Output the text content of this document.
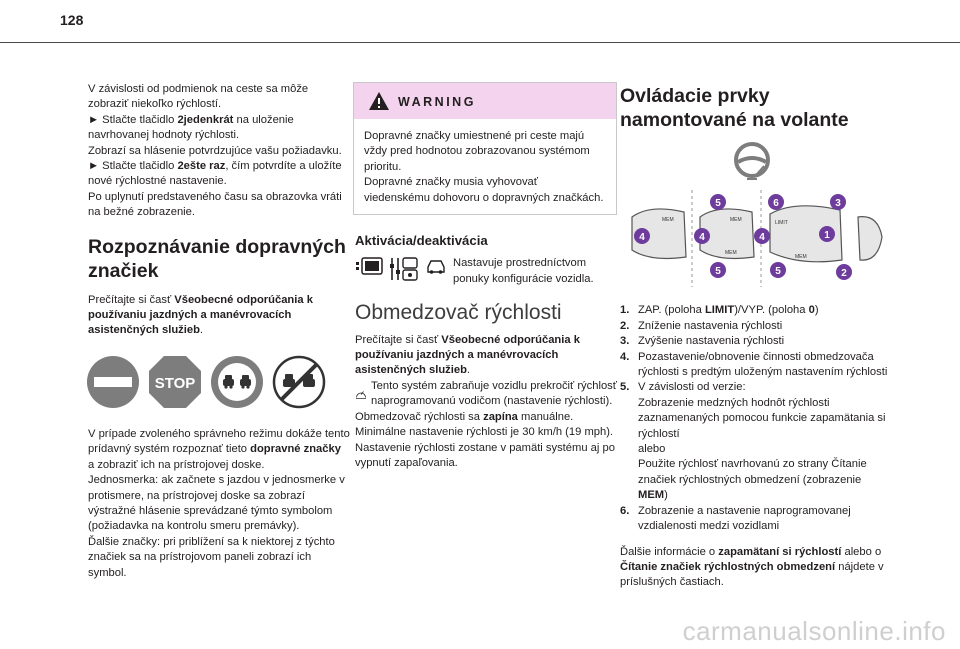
128

V závislosti od podmienok na ceste sa môže zobraziť niekoľko rýchlostí.

► Stlačte tlačidlo 2jedenkrát na uloženie navrhovanej hodnoty rýchlosti.

Zobrazí sa hlásenie potvrdzujúce vašu požiadavku.

► Stlačte tlačidlo 2ešte raz, čím potvrdíte a uložíte nové rýchlostné nastavenie.

Po uplynutí predstaveného času sa obrazovka vráti na bežné zobrazenie.

Rozpoznávanie dopravných značiek

Prečítajte si časť Všeobecné odporúčania k používaniu jazdných a manévrovacích asistenčných služieb.

STOP

V prípade zvoleného správneho režimu dokáže tento prídavný systém rozpoznať tieto dopravné značky a zobraziť ich na prístrojovej doske.

Jednosmerka: ak začnete s jazdou v jednosmerke v protismere, na prístrojovej doske sa zobrazí výstražné hlásenie sprevádzané týmto symbolom (požiadavka na kontrolu smeru premávky).

Ďalšie značky: pri priblížení sa k niektorej z týchto značiek sa na prístrojovom paneli zobrazí ich symbol.

WARNING

Dopravné značky umiestnené pri ceste majú vždy pred hodnotou zobrazovanou systémom prioritu.

Dopravné značky musia vyhovovať viedenskému dohovoru o dopravných značkách.

Aktivácia/deaktivácia
Nastavuje prostredníctvom ponuky konfigurácie vozidla.
Obmedzovač rýchlosti

Prečítajte si časť Všeobecné odporúčania k používaniu jazdných a manévrovacích asistenčných služieb.

Tento systém zabraňuje vozidlu prekročiť rýchlosť naprogramovanú vodičom (nastavenie rýchlosti).

Obmedzovač rýchlosti sa zapína manuálne.

Minimálne nastavenie rýchlosti je 30 km/h (19 mph).

Nastavenie rýchlosti zostane v pamäti systému aj po vypnutí zapaľovania.

Ovládacie prvky namontované na volante
MEM	MEM
MEM
LIMIT
MEM
4
5
4
5
6
4
3
1
5	2
1. ZAP. (poloha LIMIT)/VYP. (poloha 0)
2. Zníženie nastavenia rýchlosti
3. Zvýšenie nastavenia rýchlosti
4. Pozastavenie/obnovenie činnosti obmedzovača rýchlosti s predtým uloženým nastavením rýchlosti
5. V závislosti od verzie:
Zobrazenie medzných hodnôt rýchlosti zaznamenaných pomocou funkcie zapamätania si rýchlostí
alebo
Použite rýchlosť navrhovanú zo strany Čítanie značiek rýchlostných obmedzení (zobrazenie MEM)
6. Zobrazenie a nastavenie naprogramovanej vzdialenosti medzi vozidlami

Ďalšie informácie o zapamätaní si rýchlostí alebo o Čítanie značiek rýchlostných obmedzení nájdete v príslušných častiach.

carmanualsonline.info
